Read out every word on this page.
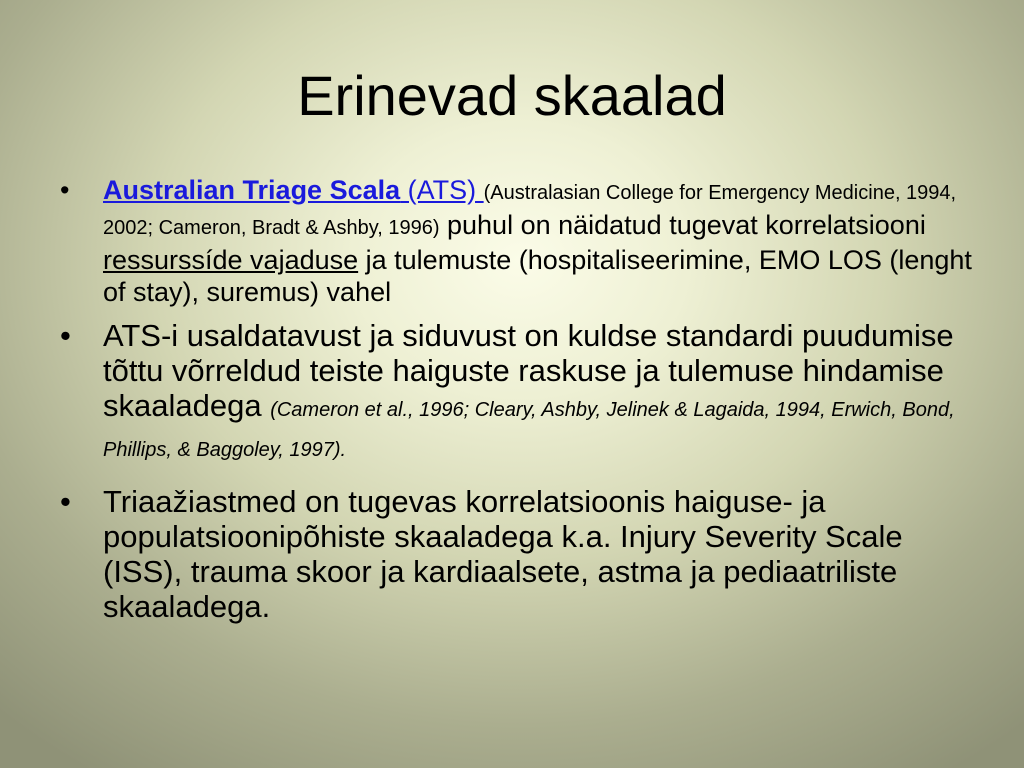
Erinevad skaalad
• Australian Triage Scala (ATS) (Australasian College for Emergency Medicine, 1994, 2002; Cameron, Bradt & Ashby, 1996) puhul on näidatud tugevat korrelatsiooni ressurssíde vajaduse ja tulemuste (hospitaliseerimine, EMO LOS (lenght of stay), suremus) vahel
• ATS-i usaldatavust ja siduvust on kuldse standardi puudumise tõttu võrreldud teiste haiguste raskuse ja tulemuse hindamise skaaladega (Cameron et al., 1996; Cleary, Ashby, Jelinek & Lagaida, 1994, Erwich, Bond, Phillips, & Baggoley, 1997).
• Triaažiastmed on tugevas korrelatsioonis haiguse- ja populatsioonipõhiste skaaladega k.a. Injury Severity Scale (ISS), trauma skoor ja kardiaalsete, astma ja pediaatriliste skaaladega.
